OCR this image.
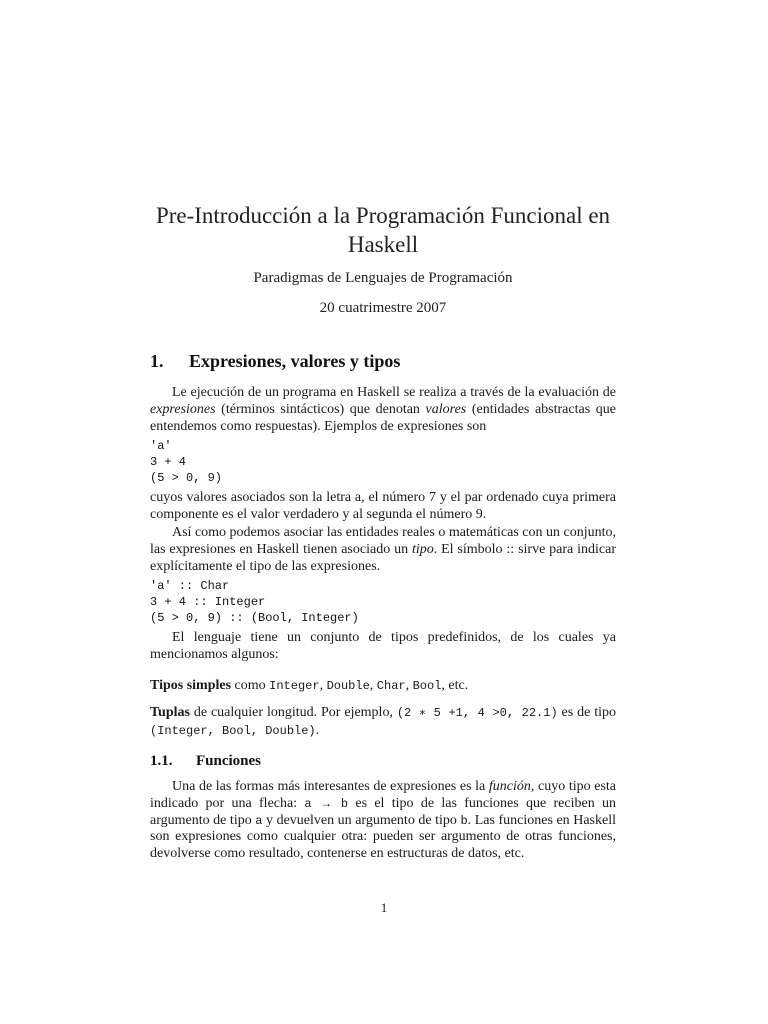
Pre-Introducción a la Programación Funcional en
Haskell
Paradigmas de Lenguajes de Programación
20 cuatrimestre 2007
1. Expresiones, valores y tipos

Le ejecución de un programa en Haskell se realiza a través de la evaluación de expresiones (términos sintácticos) que denotan valores (entidades abstractas que entendemos como respuestas). Ejemplos de expresiones son

'a'
3 + 4
(5 > 0, 9)

cuyos valores asociados son la letra a, el número 7 y el par ordenado cuya primera componente es el valor verdadero y al segunda el número 9.

Así como podemos asociar las entidades reales o matemáticas con un conjunto, las expresiones en Haskell tienen asociado un tipo. El símbolo :: sirve para indicar explícitamente el tipo de las expresiones.

'a' :: Char
3 + 4 :: Integer
(5 > 0, 9) :: (Bool, Integer)

El lenguaje tiene un conjunto de tipos predefinidos, de los cuales ya mencionamos algunos:

Tipos simples como Integer, Double, Char, Bool, etc.
Tuplas de cualquier longitud. Por ejemplo, (2 ∗ 5 +1, 4 >0, 22.1) es de tipo (Integer, Bool, Double).
1.1. Funciones

Una de las formas más interesantes de expresiones es la función, cuyo tipo esta indicado por una flecha: a → b es el tipo de las funciones que reciben un argumento de tipo a y devuelven un argumento de tipo b. Las funciones en Haskell son expresiones como cualquier otra: pueden ser argumento de otras funciones, devolverse como resultado, contenerse en estructuras de datos, etc.

1
